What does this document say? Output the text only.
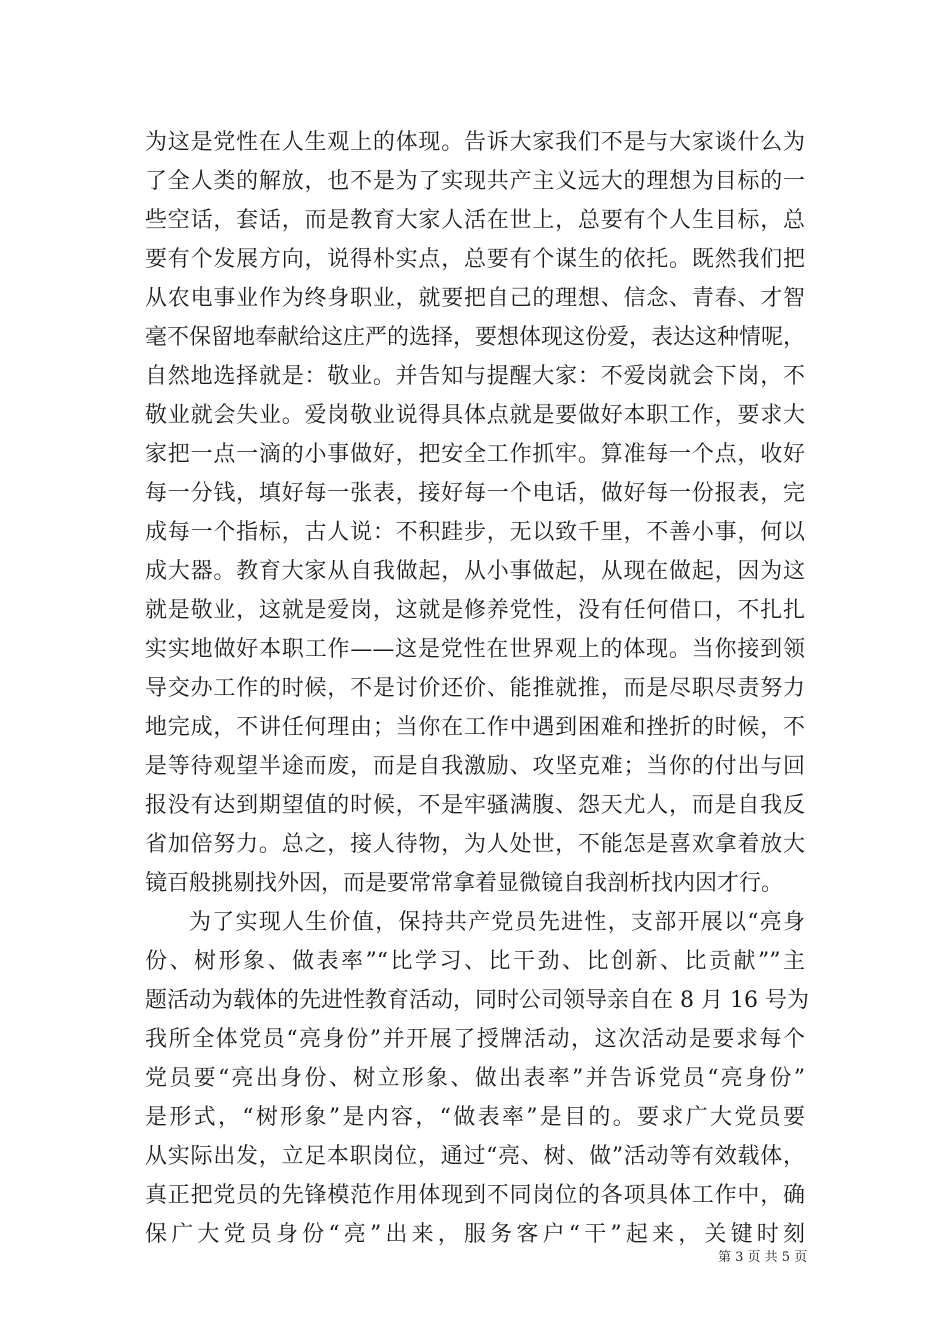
为这是党性在人生观上的体现。告诉大家我们不是与大家谈什么为
了全人类的解放，也不是为了实现共产主义远大的理想为目标的一
些空话，套话，而是教育大家人活在世上，总要有个人生目标，总
要有个发展方向，说得朴实点，总要有个谋生的依托。既然我们把
从农电事业作为终身职业，就要把自己的理想、信念、青春、才智
毫不保留地奉献给这庄严的选择，要想体现这份爱，表达这种情呢，
自然地选择就是：敬业。并告知与提醒大家：不爱岗就会下岗，不
敬业就会失业。爱岗敬业说得具体点就是要做好本职工作，要求大
家把一点一滴的小事做好，把安全工作抓牢。算准每一个点，收好
每一分钱，填好每一张表，接好每一个电话，做好每一份报表，完
成每一个指标，古人说：不积跬步，无以致千里，不善小事，何以
成大器。教育大家从自我做起，从小事做起，从现在做起，因为这
就是敬业，这就是爱岗，这就是修养党性，没有任何借口，不扎扎
实实地做好本职工作——这是党性在世界观上的体现。当你接到领
导交办工作的时候，不是讨价还价、能推就推，而是尽职尽责努力
地完成，不讲任何理由；当你在工作中遇到困难和挫折的时候，不
是等待观望半途而废，而是自我激励、攻坚克难；当你的付出与回
报没有达到期望值的时候，不是牢骚满腹、怨天尤人，而是自我反
省加倍努力。总之，接人待物，为人处世，不能怎是喜欢拿着放大
镜百般挑剔找外因，而是要常常拿着显微镜自我剖析找内因才行。
为了实现人生价值，保持共产党员先进性，支部开展以“亮身
份、树形象、做表率”“比学习、比干劲、比创新、比贡献””主
题活动为载体的先进性教育活动，同时公司领导亲自在 8 月 16 号为
我所全体党员“亮身份”并开展了授牌活动，这次活动是要求每个
党员要“亮出身份、树立形象、做出表率”并告诉党员“亮身份”
是形式，“树形象”是内容，“做表率”是目的。要求广大党员要
从实际出发，立足本职岗位，通过“亮、树、做”活动等有效载体，
真正把党员的先锋模范作用体现到不同岗位的各项具体工作中，确
保广大党员身份“亮”出来，服务客户“干”起来，关键时刻
第 3 页 共 5 页
